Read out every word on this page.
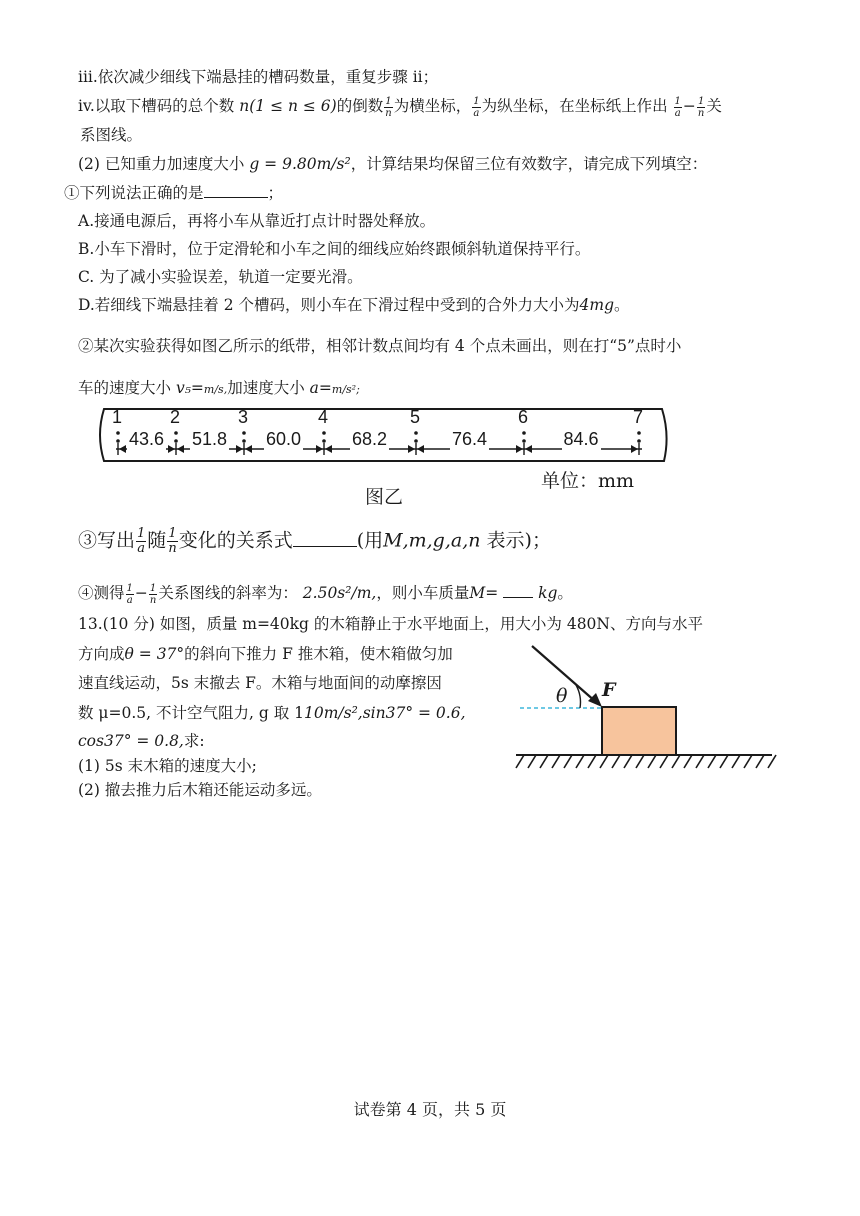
iii.依次减少细线下端悬挂的槽码数量，重复步骤 ii；
iv.以取下槽码的总个数 n(1 ≤ n ≤ 6)的倒数 $\frac{1}{n}$ 为横坐标， $\frac{1}{a}$ 为纵坐标，在坐标纸上作出 $\frac{1}{a} - \frac{1}{n}$ 关
系图线。
(2) 已知重力加速度大小 g = 9.80m/s²，计算结果均保留三位有效数字，请完成下列填空：
①下列说法正确的是	；
A.接通电源后，再将小车从靠近打点计时器处释放。
B.小车下滑时，位于定滑轮和小车之间的细线应始终跟倾斜轨道保持平行。
C. 为了减小实验误差，轨道一定要光滑。
D.若细线下端悬挂着 2 个槽码，则小车在下滑过程中受到的合外力大小为4mg。
②某次实验获得如图乙所示的纸带，相邻计数点间均有 4 个点未画出，则在打“5”点时小
车的速度大小 v₅=m/s,加速度大小 a=m/s²;
1	2	3	4	5	6	7
43.6 51.8 60.0	68.2	76.4	84.6
单位：mm
图乙
③写出 $\frac{1}{a}$ 随 $\frac{1}{n}$ 变化的关系式	(用M,m,g,a,n 表示)；
④测得 $\frac{1}{a} - \frac{1}{n}$ 关系图线的斜率为： 2.50s²/m,，则小车质量M=	kg。
13.(10 分) 如图，质量 m=40kg 的木箱静止于水平地面上，用大小为 480N、方向与水平
方向成θ = 37°的斜向下推力 F 推木箱，使木箱做匀加
速直线运动，5s 末撤去 F。木箱与地面间的动摩擦因
数 μ=0.5, 不计空气阻力, g 取 110m/s²,sin37° = 0.6,
cos37° = 0.8,求:
(1) 5s 末木箱的速度大小;
(2) 撤去推力后木箱还能运动多远。
θ F
试卷第 4 页，共 5 页
